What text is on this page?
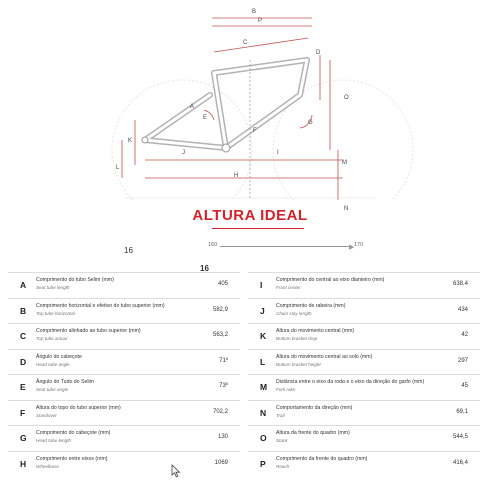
B
P
C
D
O
A
E
G
F
K
J	I
M
L
H
N
ALTURA IDEAL
16
160	▶ 170
16
A Comprimento do tubo Selim (mm)
Seat tube length
405
B Comprimento horizontal e efetivo do tubo superior (mm)
Top tube horizontal
582,9
C Comprimento alinhado ao tubo superior (mm)
Top tube actual
563,2
D Ângulo do cabeçote
Head tube angle
71º
E Ângulo do Tudo do Selim
Seat tube angle
73º
F Altura do topo do tubo superior (mm)
Standover
702,2
G Comprimento do cabeçote (mm)
Head tube length
130
H Comprimento entre eixos (mm)
Wheelbase
1069
I	Comprimento do central ao eixo dianteiro (mm)
Front center
638,4
J Comprimento de rabeira (mm)
Chain stay length
434
K Altura do movimento central (mm)
Bottom bracket drop
42
L Altura do movimento central ao solo (mm)
Bottom bracket height
297
M Distância entre o eixo da roda e o eixo da direção do garfo (mm)
Fork rake
45
N Comportamento da direção (mm)
Trail
69,1
O Altura da frente do quadro (mm)
Stack
544,5
P Comprimento da frente do quadro (mm)
Reach
416,4
